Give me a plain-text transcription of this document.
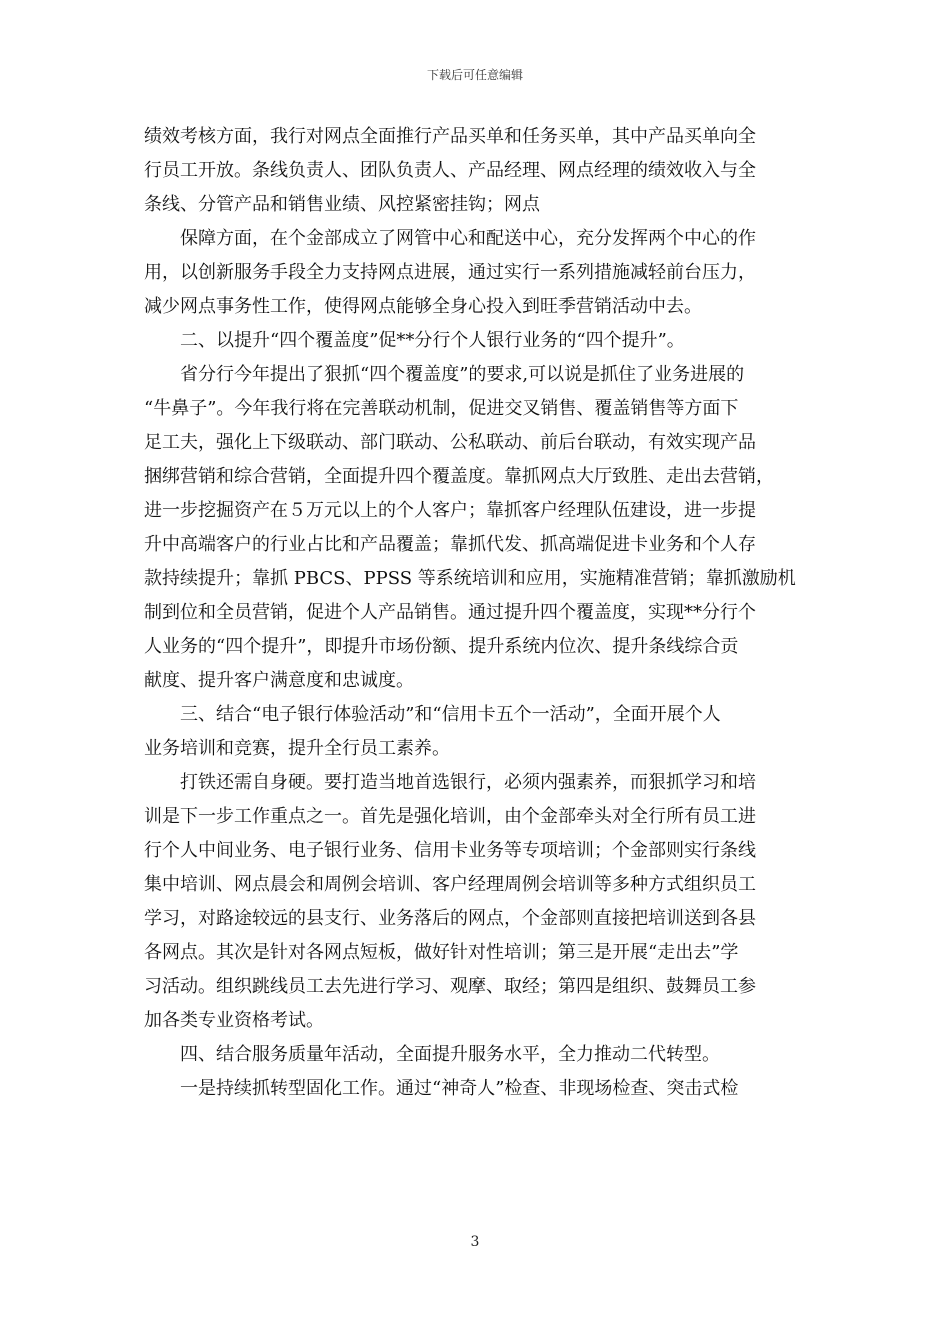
下载后可任意编辑

绩效考核方面，我行对网点全面推行产品买单和任务买单，其中产品买单向全
行员工开放。条线负责人、团队负责人、产品经理、网点经理的绩效收入与全
条线、分管产品和销售业绩、风控紧密挂钩；网点

保障方面，在个金部成立了网管中心和配送中心，充分发挥两个中心的作
用，以创新服务手段全力支持网点进展，通过实行一系列措施减轻前台压力，
减少网点事务性工作，使得网点能够全身心投入到旺季营销活动中去。

二、以提升“四个覆盖度”促**分行个人银行业务的“四个提升”。

省分行今年提出了狠抓“四个覆盖度”的要求,可以说是抓住了业务进展的
“牛鼻子”。今年我行将在完善联动机制，促进交叉销售、覆盖销售等方面下
足工夫，强化上下级联动、部门联动、公私联动、前后台联动，有效实现产品
捆绑营销和综合营销，全面提升四个覆盖度。靠抓网点大厅致胜、走出去营销，
进一步挖掘资产在５万元以上的个人客户；靠抓客户经理队伍建设，进一步提
升中高端客户的行业占比和产品覆盖；靠抓代发、抓高端促进卡业务和个人存
款持续提升；靠抓 PBCS、PPSS 等系统培训和应用，实施精准营销；靠抓激励机
制到位和全员营销，促进个人产品销售。通过提升四个覆盖度，实现**分行个
人业务的“四个提升”，即提升市场份额、提升系统内位次、提升条线综合贡
献度、提升客户满意度和忠诚度。

三、结合“电子银行体验活动”和“信用卡五个一活动”，全面开展个人
业务培训和竞赛，提升全行员工素养。

打铁还需自身硬。要打造当地首选银行，必须内强素养，而狠抓学习和培
训是下一步工作重点之一。首先是强化培训，由个金部牵头对全行所有员工进
行个人中间业务、电子银行业务、信用卡业务等专项培训；个金部则实行条线
集中培训、网点晨会和周例会培训、客户经理周例会培训等多种方式组织员工
学习，对路途较远的县支行、业务落后的网点，个金部则直接把培训送到各县
各网点。其次是针对各网点短板，做好针对性培训；第三是开展“走出去”学
习活动。组织跳线员工去先进行学习、观摩、取经；第四是组织、鼓舞员工参
加各类专业资格考试。

四、结合服务质量年活动，全面提升服务水平，全力推动二代转型。

一是持续抓转型固化工作。通过“神奇人”检查、非现场检查、突击式检

3
